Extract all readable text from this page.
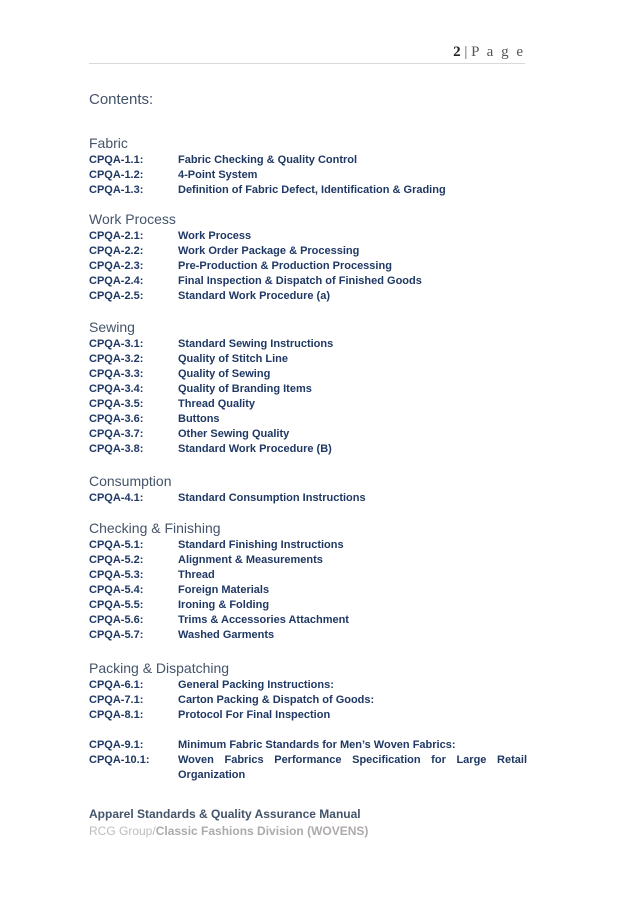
2 | P a g e
Contents:
Fabric
CPQA-1.1:	Fabric Checking & Quality Control
CPQA-1.2:	4-Point System
CPQA-1.3:	Definition of Fabric Defect, Identification & Grading
Work Process
CPQA-2.1:	Work Process
CPQA-2.2:	Work Order Package & Processing
CPQA-2.3:	Pre-Production & Production Processing
CPQA-2.4:	Final Inspection & Dispatch of Finished Goods
CPQA-2.5:	Standard Work Procedure (a)
Sewing
CPQA-3.1:	Standard Sewing Instructions
CPQA-3.2:	Quality of Stitch Line
CPQA-3.3:	Quality of Sewing
CPQA-3.4:	Quality of Branding Items
CPQA-3.5:	Thread Quality
CPQA-3.6:	Buttons
CPQA-3.7:	Other Sewing Quality
CPQA-3.8:	Standard Work Procedure (B)
Consumption
CPQA-4.1:	Standard Consumption Instructions
Checking & Finishing
CPQA-5.1:	Standard Finishing Instructions
CPQA-5.2:	Alignment & Measurements
CPQA-5.3:	Thread
CPQA-5.4:	Foreign Materials
CPQA-5.5:	Ironing & Folding
CPQA-5.6:	Trims & Accessories Attachment
CPQA-5.7:	Washed Garments
Packing & Dispatching
CPQA-6.1:	General Packing Instructions:
CPQA-7.1:	Carton Packing & Dispatch of Goods:
CPQA-8.1:	Protocol For Final Inspection
CPQA-9.1:	Minimum Fabric Standards for Men’s Woven Fabrics:
CPQA-10.1:	Woven Fabrics Performance Specification for Large Retail
Organization
Apparel Standards & Quality Assurance Manual
RCG Group/Classic Fashions Division (WOVENS)
